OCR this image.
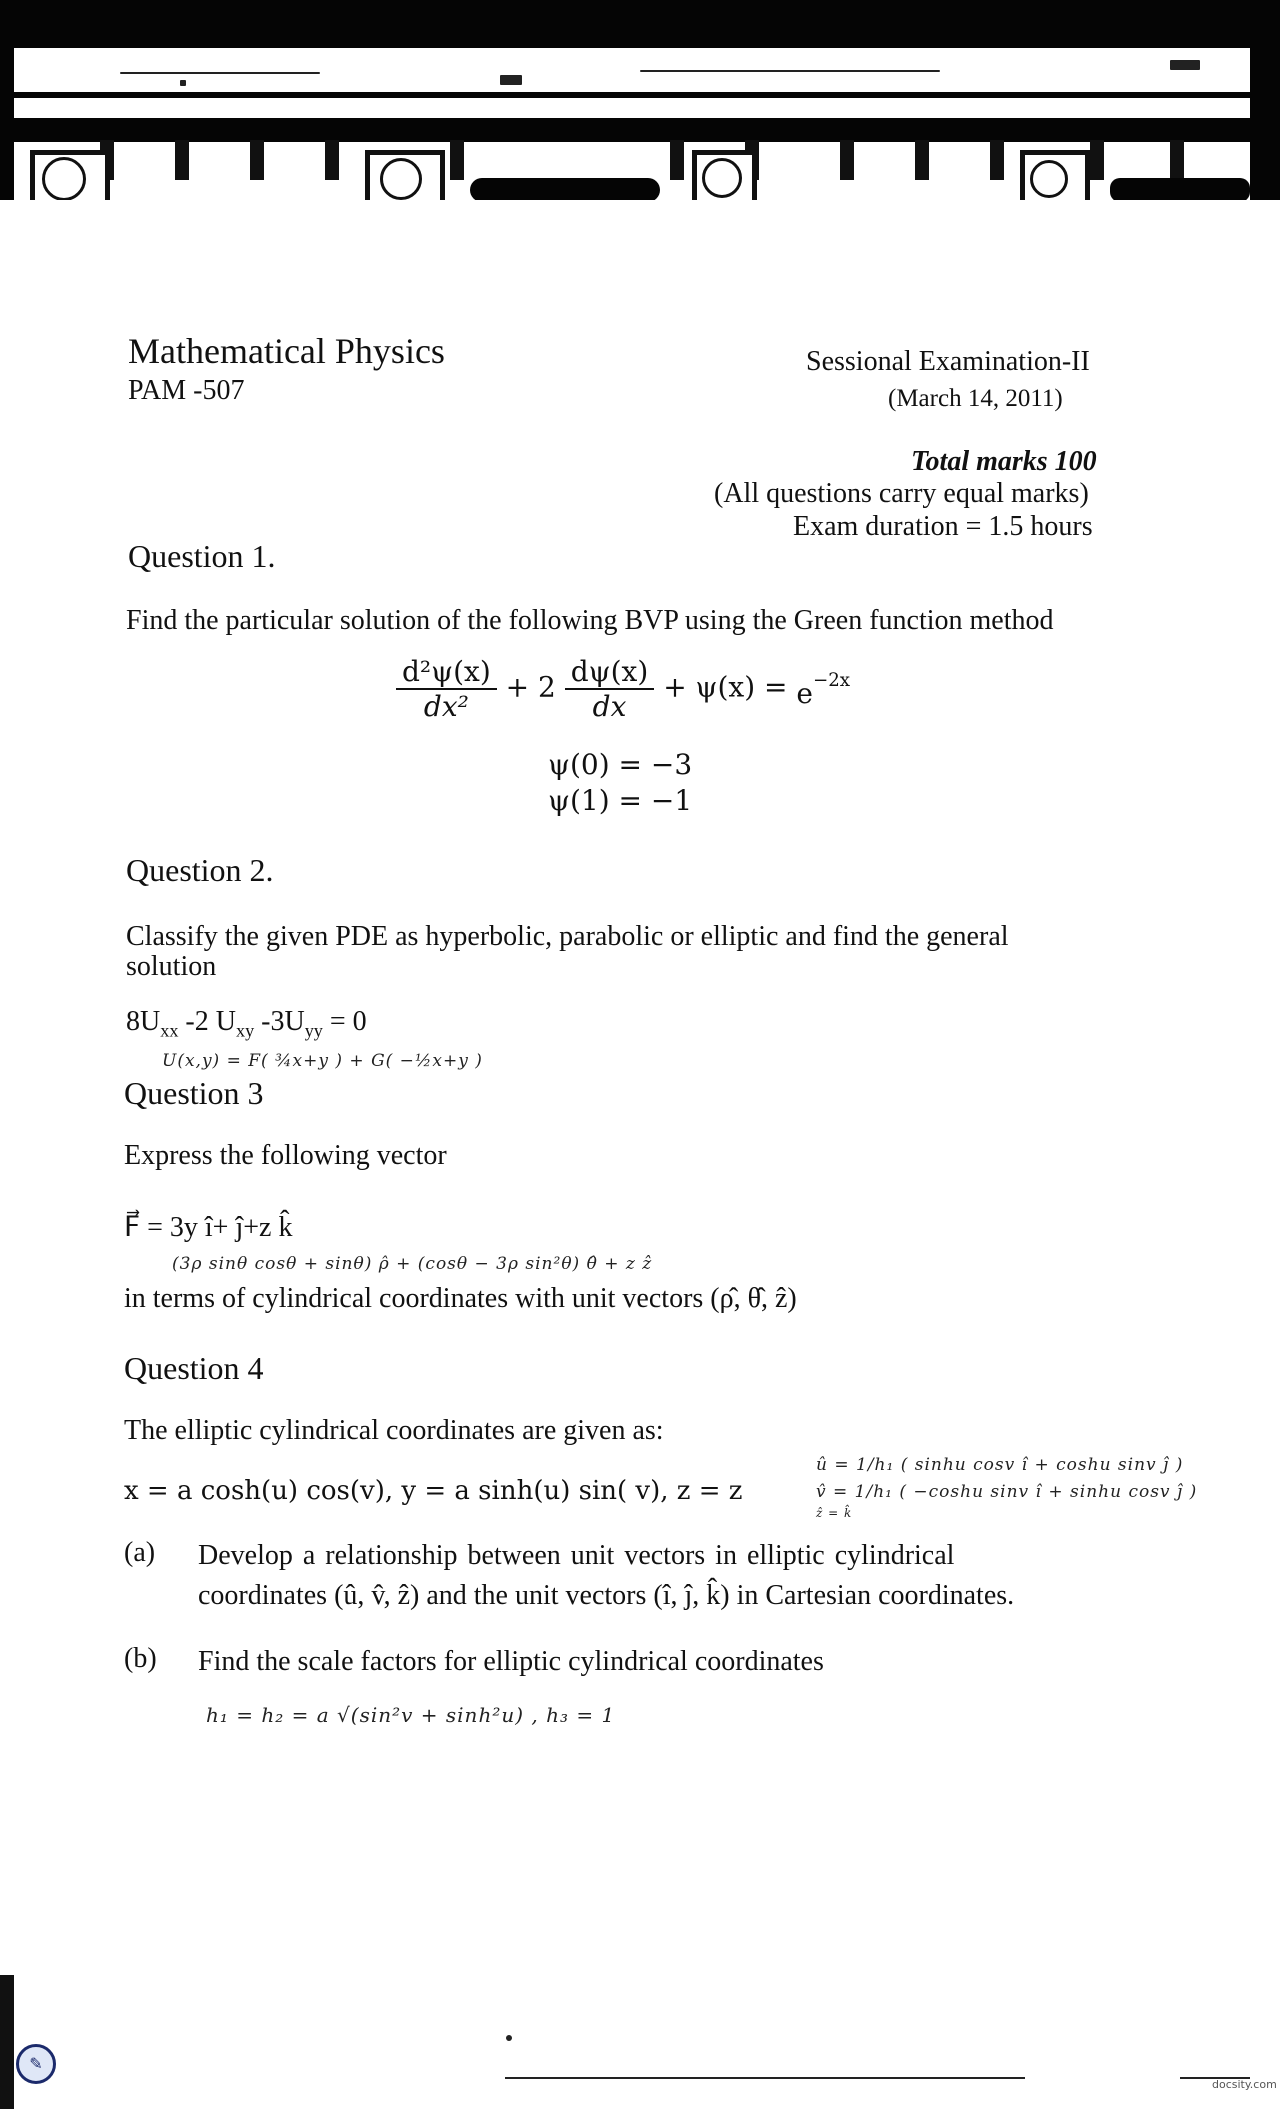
Mathematical Physics
PAM -507
Sessional Examination-II
(March 14, 2011)
Total marks 100
(All questions carry equal marks)
Exam duration = 1.5 hours
Question 1.
Find the particular solution of the following BVP using the Green function method
$\frac{\text{d²ψ(x)}}{\text{dx²}} + 2 \frac{d\psi(x)}{dx} + \psi(x) = e^{-2x}$
ψ(0) = −3
ψ(1) = −1
Question 2.
Classify the given PDE as hyperbolic, parabolic or elliptic and find the general
solution
$8U_{xx}$ -2 $U_{xy}$ $-3U_{yy} = 0$
U(x,y) = F( ¾x+y ) + G( −½x+y )
Question 3
Express the following vector
F⃗ = 3y î+ ĵ+z k̂
(3ρ sinθ cosθ + sinθ) ρ̂ + (cosθ − 3ρ sin²θ) θ̂ + z ẑ
in terms of cylindrical coordinates with unit vectors (ρ̂, θ̂, ẑ)
Question 4
The elliptic cylindrical coordinates are given as:
x = a cosh(u) cos(v), y = a sinh(u) sin( v), z = z
û = 1/h₁ ( sinhu cosv î + coshu sinv ĵ )
v̂ = 1/h₁ ( −coshu sinv î + sinhu cosv ĵ )
ẑ = k̂
(a) Develop a relationship between unit vectors in elliptic cylindrical
coordinates (û, v̂, ẑ) and the unit vectors (î, ĵ, k̂) in Cartesian coordinates.
(b) Find the scale factors for elliptic cylindrical coordinates
h₁ = h₂ = a √(sin²v + sinh²u) , h₃ = 1
✎
docsity.com
